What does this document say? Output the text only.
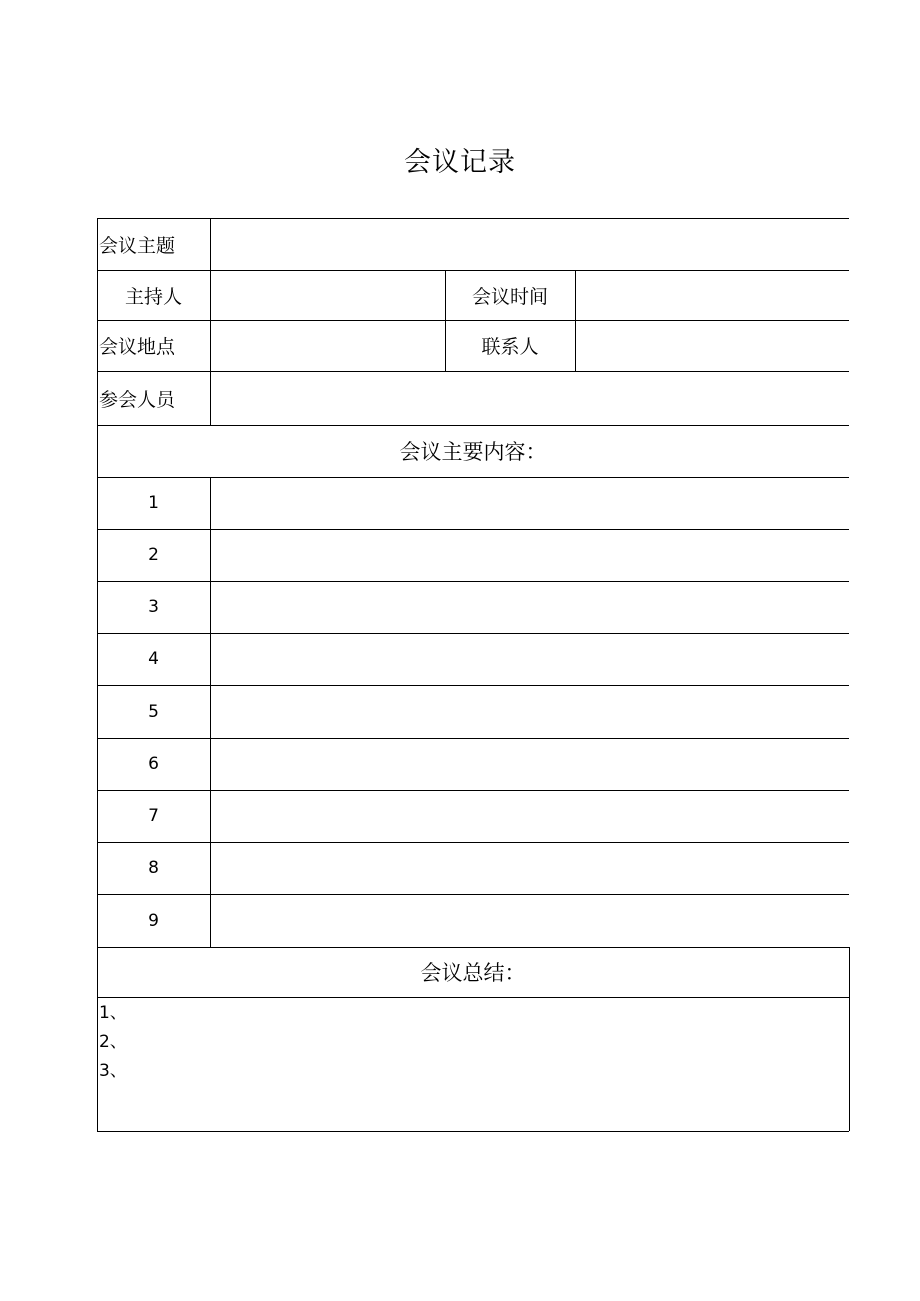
会议记录
会议主题
主持人	会议时间
会议地点	联系人
参会人员
会议主要内容：
1
2
3
4
5
6
7
8
9
会议总结：
1、
2、
3、
